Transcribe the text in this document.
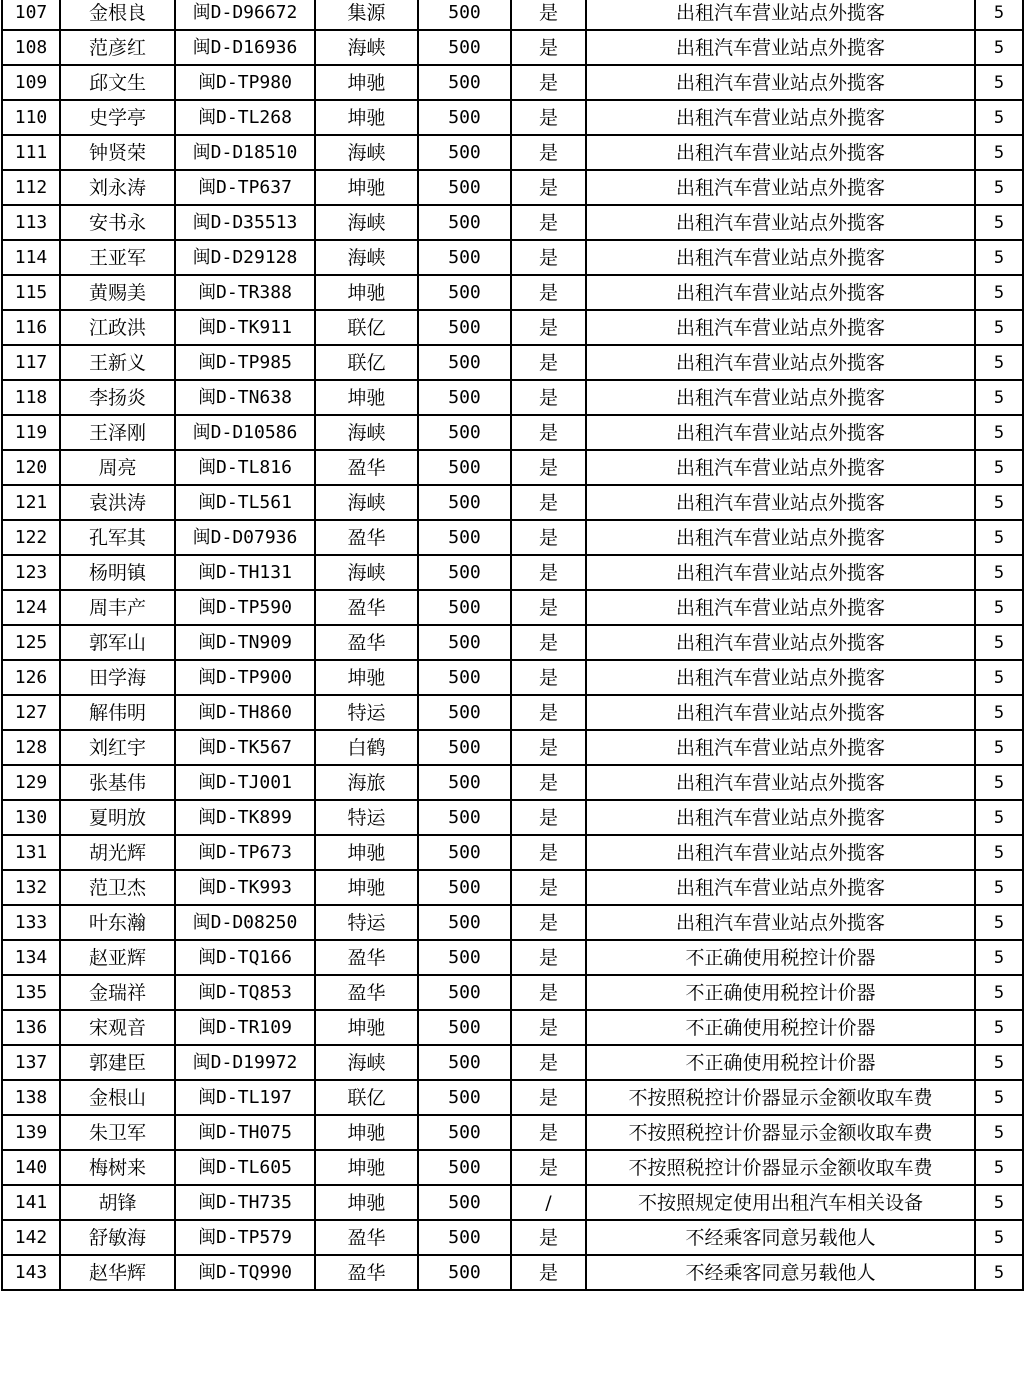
107	金根良	闽D-D96672	集源	500	是	出租汽车营业站点外揽客	5
108	范彦红	闽D-D16936	海峡	500	是	出租汽车营业站点外揽客	5
109	邱文生	闽D-TP980	坤驰	500	是	出租汽车营业站点外揽客	5
110	史学亭	闽D-TL268	坤驰	500	是	出租汽车营业站点外揽客	5
111	钟贤荣	闽D-D18510	海峡	500	是	出租汽车营业站点外揽客	5
112	刘永涛	闽D-TP637	坤驰	500	是	出租汽车营业站点外揽客	5
113	安书永	闽D-D35513	海峡	500	是	出租汽车营业站点外揽客	5
114	王亚军	闽D-D29128	海峡	500	是	出租汽车营业站点外揽客	5
115	黄赐美	闽D-TR388	坤驰	500	是	出租汽车营业站点外揽客	5
116	江政洪	闽D-TK911	联亿	500	是	出租汽车营业站点外揽客	5
117	王新义	闽D-TP985	联亿	500	是	出租汽车营业站点外揽客	5
118	李扬炎	闽D-TN638	坤驰	500	是	出租汽车营业站点外揽客	5
119	王泽刚	闽D-D10586	海峡	500	是	出租汽车营业站点外揽客	5
120	周亮	闽D-TL816	盈华	500	是	出租汽车营业站点外揽客	5
121	袁洪涛	闽D-TL561	海峡	500	是	出租汽车营业站点外揽客	5
122	孔军其	闽D-D07936	盈华	500	是	出租汽车营业站点外揽客	5
123	杨明镇	闽D-TH131	海峡	500	是	出租汽车营业站点外揽客	5
124	周丰产	闽D-TP590	盈华	500	是	出租汽车营业站点外揽客	5
125	郭军山	闽D-TN909	盈华	500	是	出租汽车营业站点外揽客	5
126	田学海	闽D-TP900	坤驰	500	是	出租汽车营业站点外揽客	5
127	解伟明	闽D-TH860	特运	500	是	出租汽车营业站点外揽客	5
128	刘红宇	闽D-TK567	白鹤	500	是	出租汽车营业站点外揽客	5
129	张基伟	闽D-TJ001	海旅	500	是	出租汽车营业站点外揽客	5
130	夏明放	闽D-TK899	特运	500	是	出租汽车营业站点外揽客	5
131	胡光辉	闽D-TP673	坤驰	500	是	出租汽车营业站点外揽客	5
132	范卫杰	闽D-TK993	坤驰	500	是	出租汽车营业站点外揽客	5
133	叶东瀚	闽D-D08250	特运	500	是	出租汽车营业站点外揽客	5
134	赵亚辉	闽D-TQ166	盈华	500	是	不正确使用税控计价器	5
135	金瑞祥	闽D-TQ853	盈华	500	是	不正确使用税控计价器	5
136	宋观音	闽D-TR109	坤驰	500	是	不正确使用税控计价器	5
137	郭建臣	闽D-D19972	海峡	500	是	不正确使用税控计价器	5
138	金根山	闽D-TL197	联亿	500	是	不按照税控计价器显示金额收取车费	5
139	朱卫军	闽D-TH075	坤驰	500	是	不按照税控计价器显示金额收取车费	5
140	梅树来	闽D-TL605	坤驰	500	是	不按照税控计价器显示金额收取车费	5
141	胡锋	闽D-TH735	坤驰	500	/	不按照规定使用出租汽车相关设备	5
142	舒敏海	闽D-TP579	盈华	500	是	不经乘客同意另载他人	5
143	赵华辉	闽D-TQ990	盈华	500	是	不经乘客同意另载他人	5
